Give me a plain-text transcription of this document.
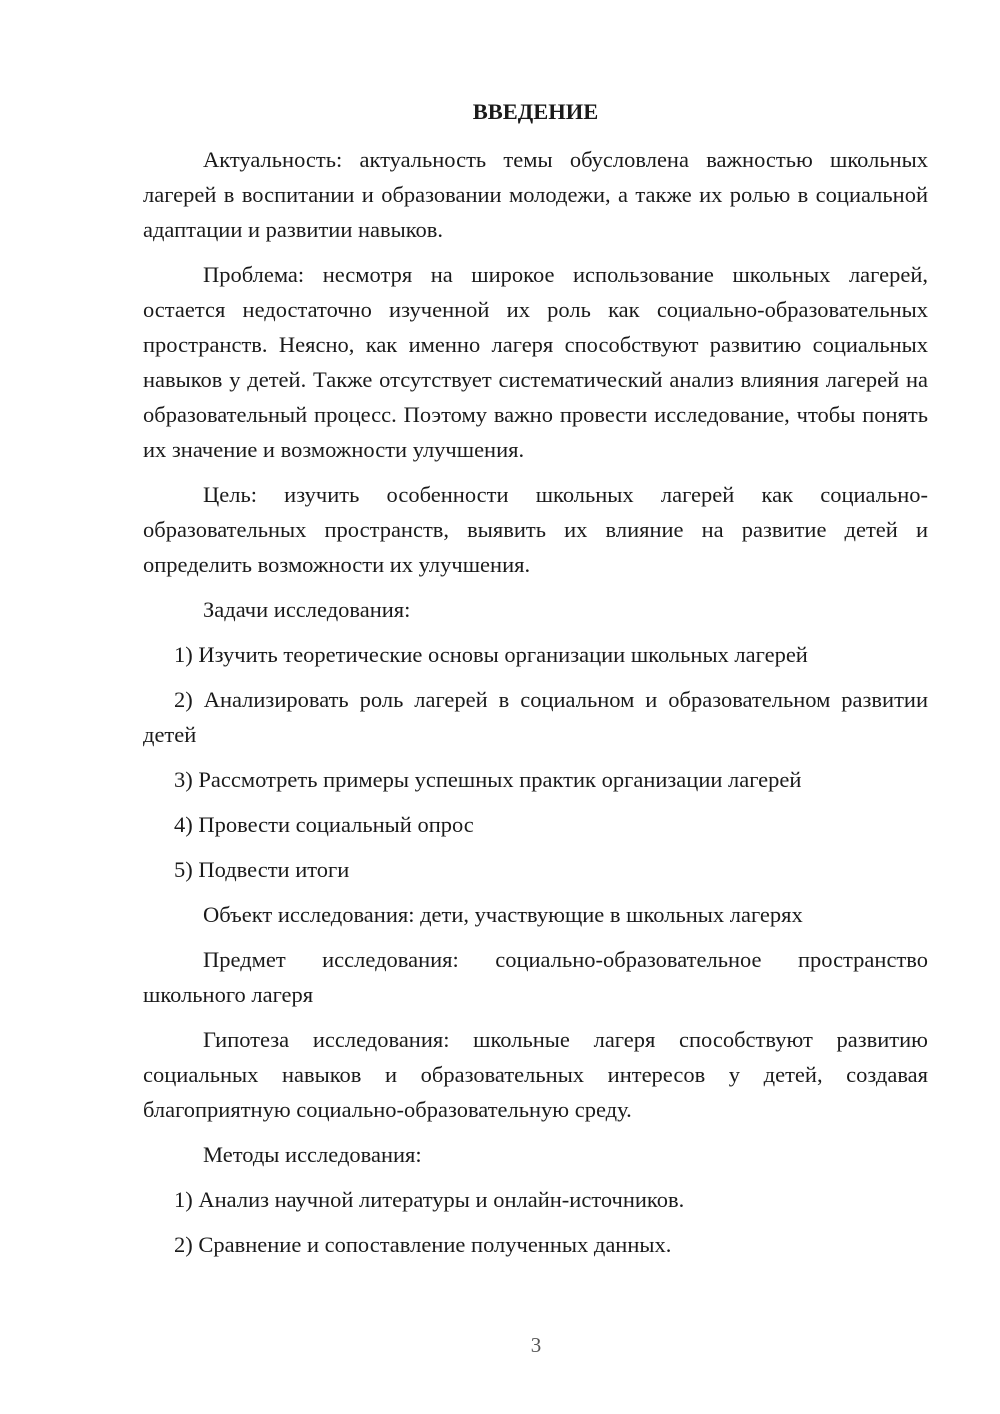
ВВЕДЕНИЕ

Актуальность: актуальность темы обусловлена важностью школьных лагерей в воспитании и образовании молодежи, а также их ролью в социальной адаптации и развитии навыков.

Проблема: несмотря на широкое использование школьных лагерей, остается недостаточно изученной их роль как социально-образовательных пространств. Неясно, как именно лагеря способствуют развитию социальных навыков у детей. Также отсутствует систематический анализ влияния лагерей на образовательный процесс. Поэтому важно провести исследование, чтобы понять их значение и возможности улучшения.

Цель: изучить особенности школьных лагерей как социально-образовательных пространств, выявить их влияние на развитие детей и определить возможности их улучшения.

Задачи исследования:

1) Изучить теоретические основы организации школьных лагерей

2) Анализировать роль лагерей в социальном и образовательном развитии детей

3) Рассмотреть примеры успешных практик организации лагерей

4) Провести социальный опрос

5) Подвести итоги

Объект исследования: дети, участвующие в школьных лагерях

Предмет исследования: социально-образовательное пространство школьного лагеря

Гипотеза исследования: школьные лагеря способствуют развитию социальных навыков и образовательных интересов у детей, создавая благоприятную социально-образовательную среду.

Методы исследования:

1) Анализ научной литературы и онлайн-источников.

2) Сравнение и сопоставление полученных данных.

3
